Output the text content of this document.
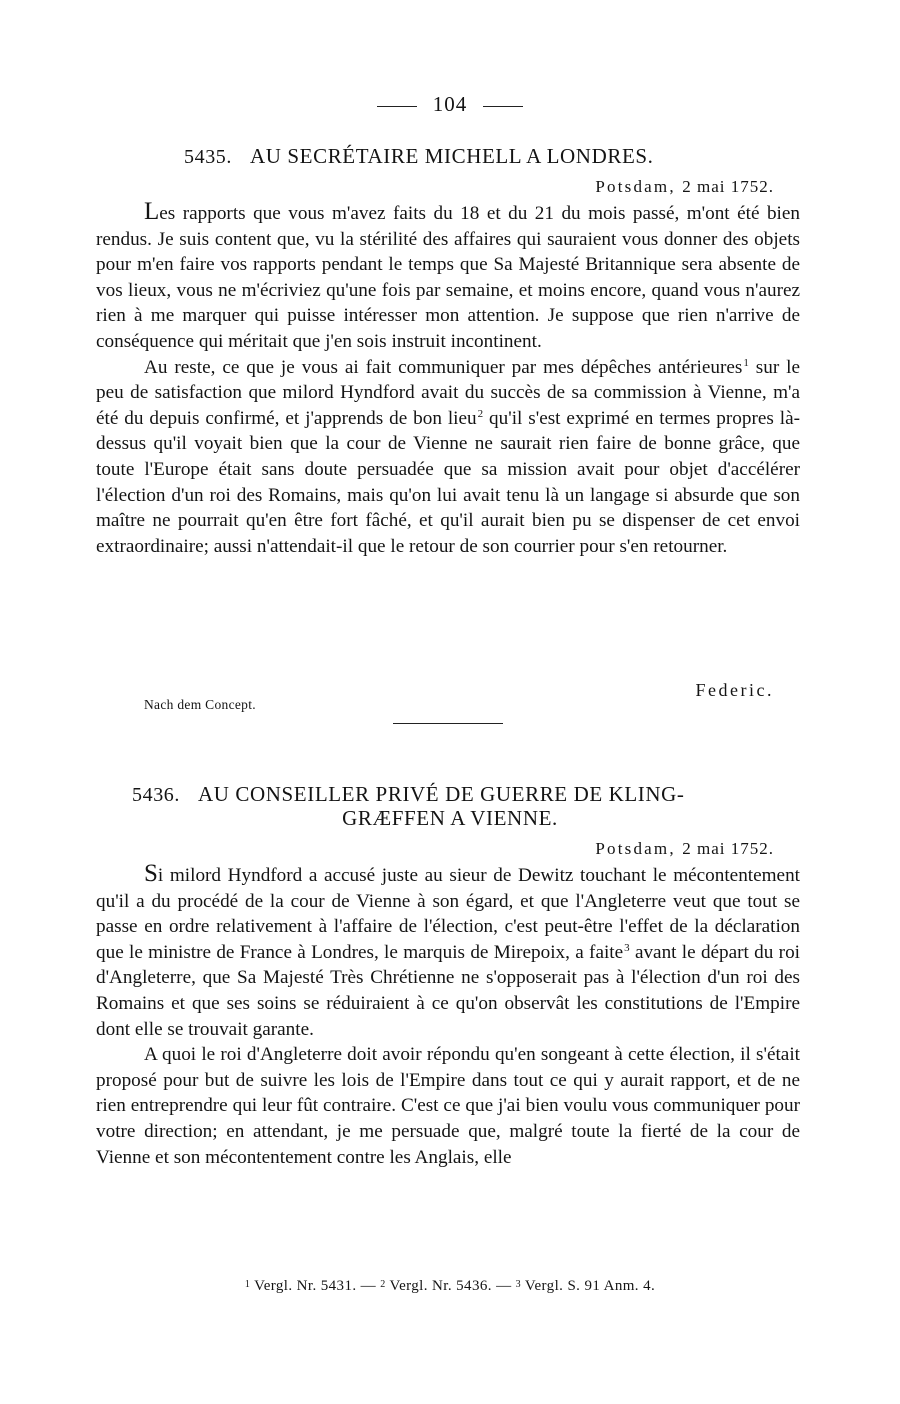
104
5435. AU SECRÉTAIRE MICHELL A LONDRES.
Potsdam, 2 mai 1752.

Les rapports que vous m'avez faits du 18 et du 21 du mois passé, m'ont été bien rendus. Je suis content que, vu la stérilité des affaires qui sauraient vous donner des objets pour m'en faire vos rapports pendant le temps que Sa Majesté Britannique sera absente de vos lieux, vous ne m'écriviez qu'une fois par semaine, et moins encore, quand vous n'aurez rien à me marquer qui puisse intéresser mon attention. Je suppose que rien n'arrive de conséquence qui méritait que j'en sois instruit incontinent.

Au reste, ce que je vous ai fait communiquer par mes dépêches antérieures$^1$ sur le peu de satisfaction que milord Hyndford avait du succès de sa commission à Vienne, m'a été du depuis confirmé, et j'apprends de bon lieu$^2$ qu'il s'est exprimé en termes propres là-dessus qu'il voyait bien que la cour de Vienne ne saurait rien faire de bonne grâce, que toute l'Europe était sans doute persuadée que sa mission avait pour objet d'accélérer l'élection d'un roi des Romains, mais qu'on lui avait tenu là un langage si absurde que son maître ne pourrait qu'en être fort fâché, et qu'il aurait bien pu se dispenser de cet envoi extraordinaire; aussi n'attendait-il que le retour de son courrier pour s'en retourner.

Federic.
Nach dem Concept.
5436. AU CONSEILLER PRIVÉ DE GUERRE DE KLING-
GRÆFFEN A VIENNE.
Potsdam, 2 mai 1752.

Si milord Hyndford a accusé juste au sieur de Dewitz touchant le mécontentement qu'il a du procédé de la cour de Vienne à son égard, et que l'Angleterre veut que tout se passe en ordre relativement à l'affaire de l'élection, c'est peut-être l'effet de la déclaration que le ministre de France à Londres, le marquis de Mirepoix, a faite$^3$ avant le départ du roi d'Angleterre, que Sa Majesté Très Chrétienne ne s'opposerait pas à l'élection d'un roi des Romains et que ses soins se réduiraient à ce qu'on observât les constitutions de l'Empire dont elle se trouvait garante.

A quoi le roi d'Angleterre doit avoir répondu qu'en songeant à cette élection, il s'était proposé pour but de suivre les lois de l'Empire dans tout ce qui y aurait rapport, et de ne rien entreprendre qui leur fût contraire. C'est ce que j'ai bien voulu vous communiquer pour votre direction; en attendant, je me persuade que, malgré toute la fierté de la cour de Vienne et son mécontentement contre les Anglais, elle

$^1$ Vergl. Nr. 5431. — $^2$ Vergl. Nr. 5436. — $^3$ Vergl. S. 91 Anm. 4.
